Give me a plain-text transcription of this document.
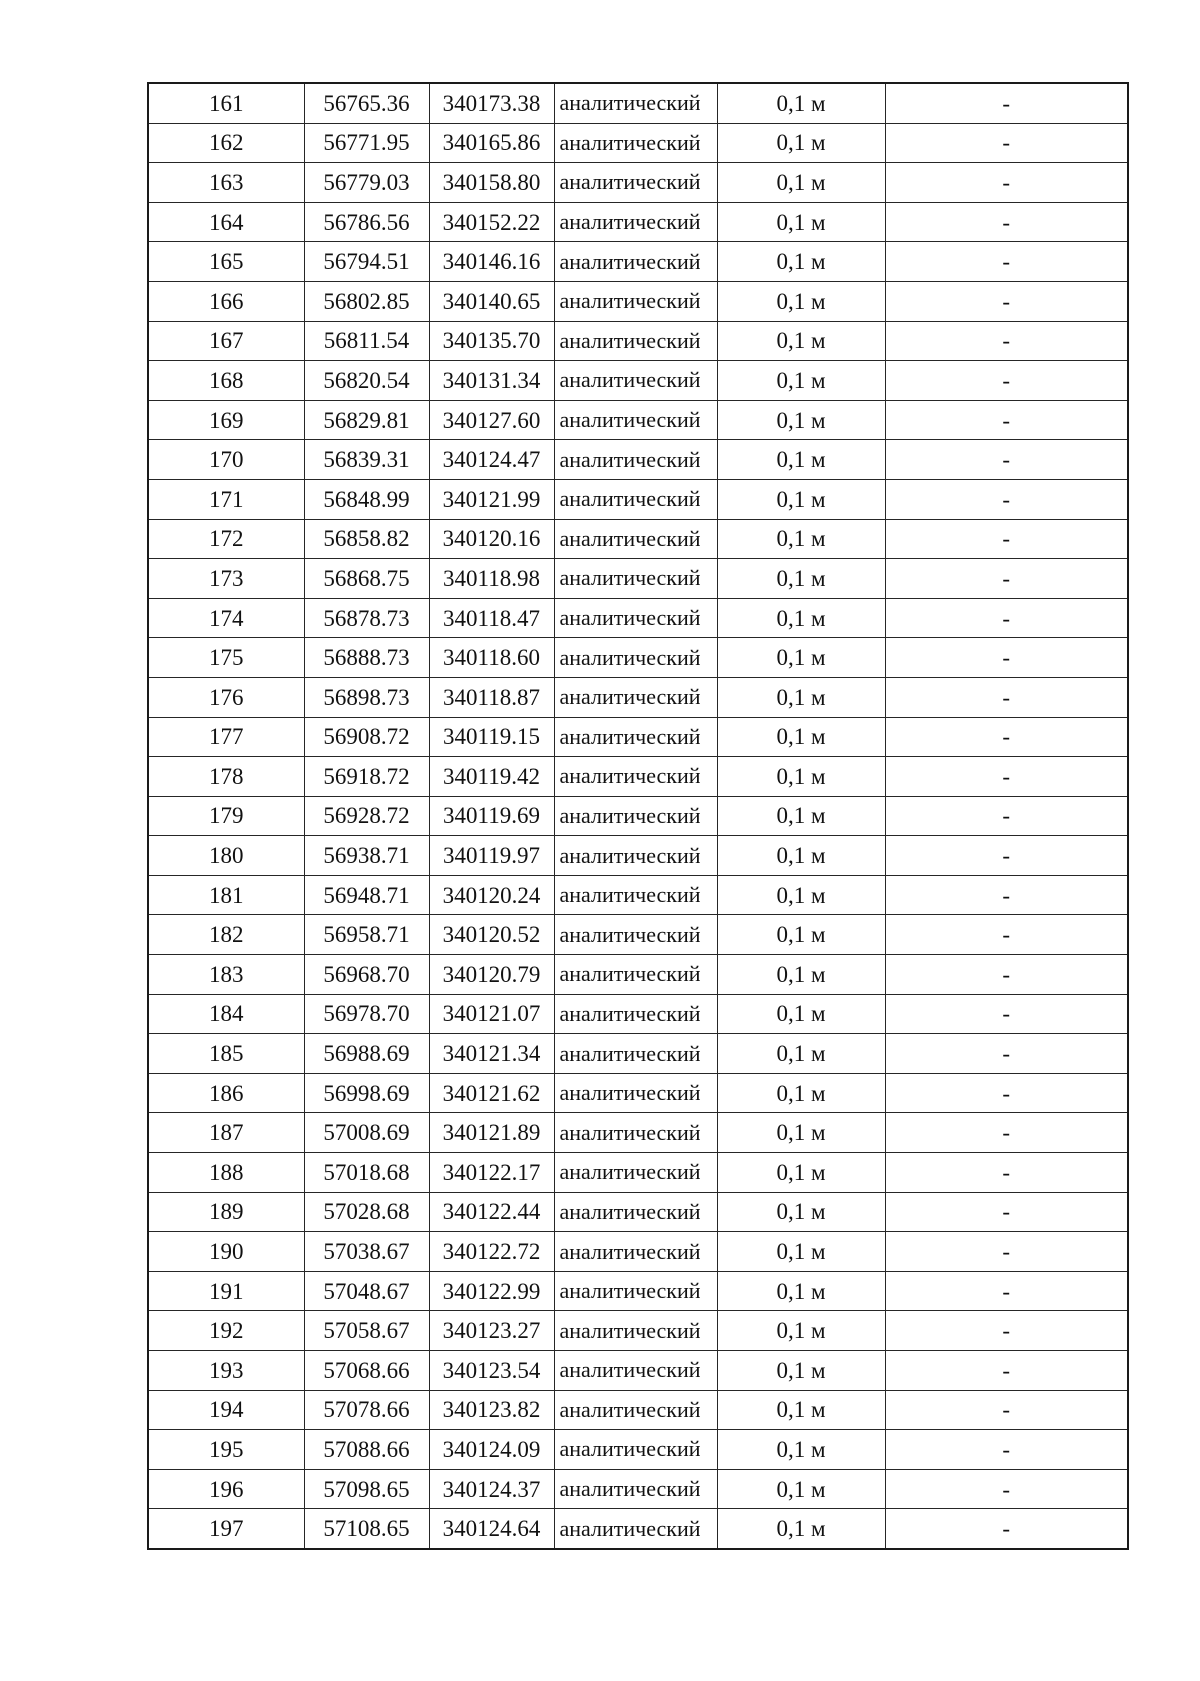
161	56765.36	340173.38	аналитический	0,1 м	-
162	56771.95	340165.86	аналитический	0,1 м	-
163	56779.03	340158.80	аналитический	0,1 м	-
164	56786.56	340152.22	аналитический	0,1 м	-
165	56794.51	340146.16	аналитический	0,1 м	-
166	56802.85	340140.65	аналитический	0,1 м	-
167	56811.54	340135.70	аналитический	0,1 м	-
168	56820.54	340131.34	аналитический	0,1 м	-
169	56829.81	340127.60	аналитический	0,1 м	-
170	56839.31	340124.47	аналитический	0,1 м	-
171	56848.99	340121.99	аналитический	0,1 м	-
172	56858.82	340120.16	аналитический	0,1 м	-
173	56868.75	340118.98	аналитический	0,1 м	-
174	56878.73	340118.47	аналитический	0,1 м	-
175	56888.73	340118.60	аналитический	0,1 м	-
176	56898.73	340118.87	аналитический	0,1 м	-
177	56908.72	340119.15	аналитический	0,1 м	-
178	56918.72	340119.42	аналитический	0,1 м	-
179	56928.72	340119.69	аналитический	0,1 м	-
180	56938.71	340119.97	аналитический	0,1 м	-
181	56948.71	340120.24	аналитический	0,1 м	-
182	56958.71	340120.52	аналитический	0,1 м	-
183	56968.70	340120.79	аналитический	0,1 м	-
184	56978.70	340121.07	аналитический	0,1 м	-
185	56988.69	340121.34	аналитический	0,1 м	-
186	56998.69	340121.62	аналитический	0,1 м	-
187	57008.69	340121.89	аналитический	0,1 м	-
188	57018.68	340122.17	аналитический	0,1 м	-
189	57028.68	340122.44	аналитический	0,1 м	-
190	57038.67	340122.72	аналитический	0,1 м	-
191	57048.67	340122.99	аналитический	0,1 м	-
192	57058.67	340123.27	аналитический	0,1 м	-
193	57068.66	340123.54	аналитический	0,1 м	-
194	57078.66	340123.82	аналитический	0,1 м	-
195	57088.66	340124.09	аналитический	0,1 м	-
196	57098.65	340124.37	аналитический	0,1 м	-
197	57108.65	340124.64	аналитический	0,1 м	-
